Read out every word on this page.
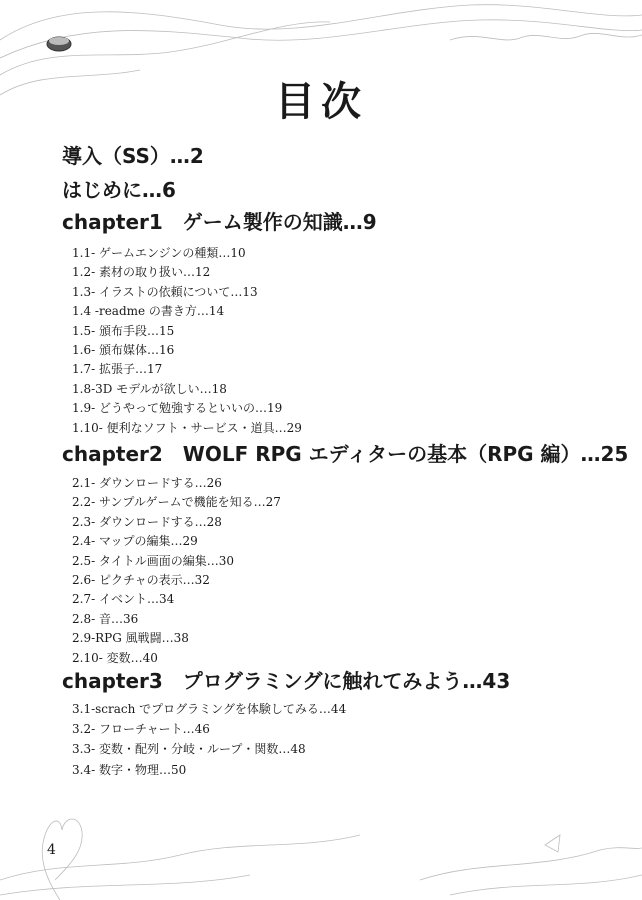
目次
導入（SS）…2
はじめに…6
chapter1　ゲーム製作の知識…9
1.1- ゲームエンジンの種類…10
1.2- 素材の取り扱い…12
1.3- イラストの依頼について…13
1.4 -readme の書き方…14
1.5- 頒布手段…15
1.6- 頒布媒体…16
1.7- 拡張子…17
1.8-3D モデルが欲しい…18
1.9- どうやって勉強するといいの…19
1.10- 便利なソフト・サービス・道具…29
chapter2　WOLF RPG エディターの基本（RPG 編）…25
2.1- ダウンロードする…26
2.2- サンプルゲームで機能を知る…27
2.3- ダウンロードする…28
2.4- マップの編集…29
2.5- タイトル画面の編集…30
2.6- ピクチャの表示…32
2.7- イベント…34
2.8- 音…36
2.9-RPG 風戦闘…38
2.10- 変数…40
chapter3　プログラミングに触れてみよう…43
3.1-scrach でプログラミングを体験してみる…44
3.2- フローチャート…46
3.3- 変数・配列・分岐・ループ・関数…48
3.4- 数字・物理…50
4
